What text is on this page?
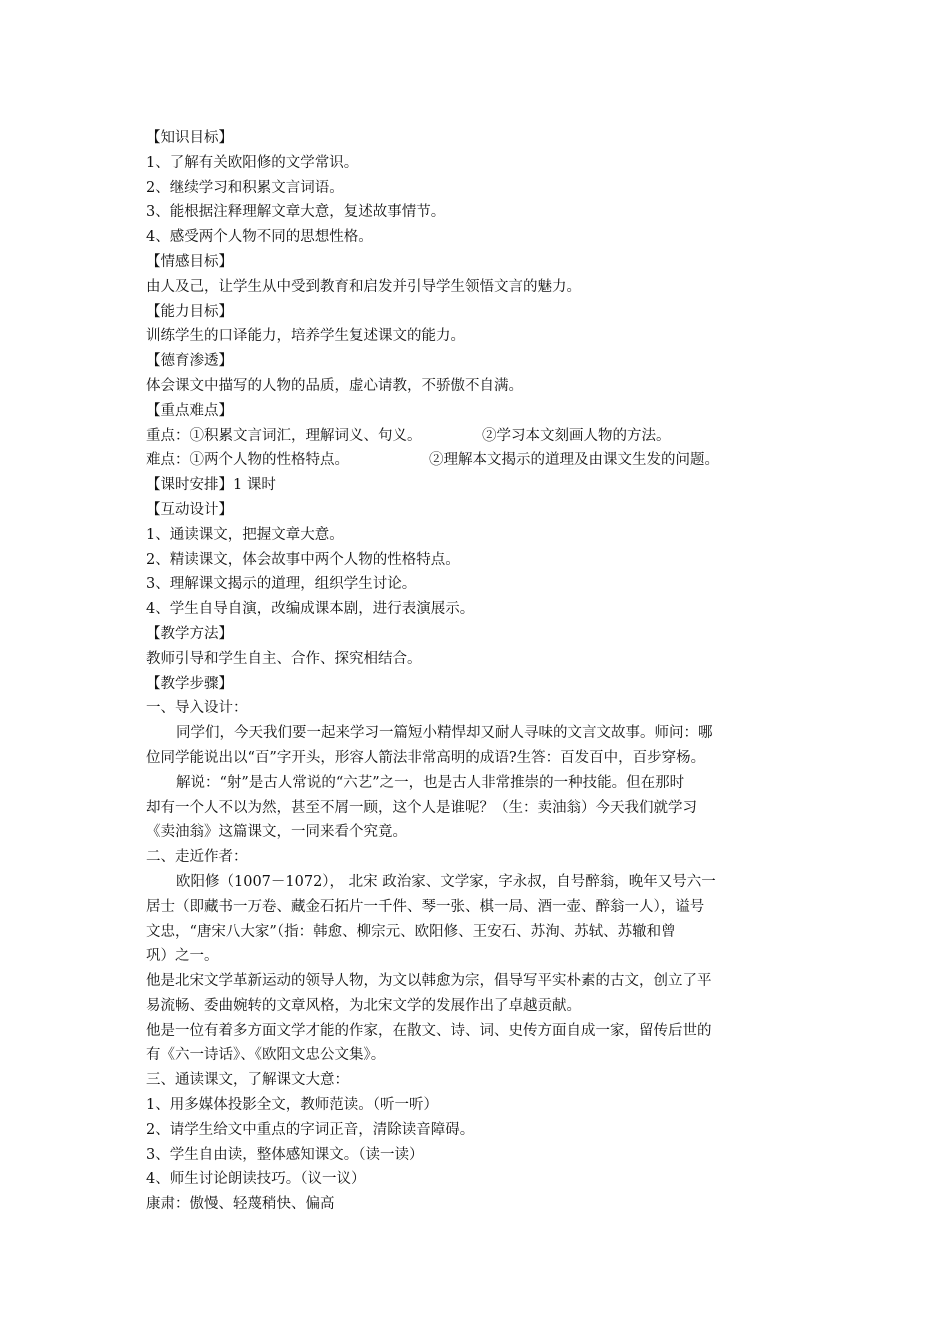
【知识目标】
1、了解有关欧阳修的文学常识。
2、继续学习和积累文言词语。
3、能根据注释理解文章大意，复述故事情节。
4、感受两个人物不同的思想性格。
【情感目标】
由人及己，让学生从中受到教育和启发并引导学生领悟文言的魅力。
【能力目标】
训练学生的口译能力，培养学生复述课文的能力。
【德育渗透】
体会课文中描写的人物的品质，虚心请教，不骄傲不自满。
【重点难点】
重点：①积累文言词汇，理解词义、句义。	②学习本文刻画人物的方法。
难点：①两个人物的性格特点。	②理解本文揭示的道理及由课文生发的问题。
【课时安排】1 课时
【互动设计】
1、通读课文，把握文章大意。
2、精读课文，体会故事中两个人物的性格特点。
3、理解课文揭示的道理，组织学生讨论。
4、学生自导自演，改编成课本剧，进行表演展示。
【教学方法】
教师引导和学生自主、合作、探究相结合。
【教学步骤】
一、导入设计：
同学们，今天我们要一起来学习一篇短小精悍却又耐人寻味的文言文故事。师问：哪
位同学能说出以“百”字开头，形容人箭法非常高明的成语?生答：百发百中，百步穿杨。
解说：“射”是古人常说的“六艺”之一，也是古人非常推崇的一种技能。但在那时
却有一个人不以为然，甚至不屑一顾，这个人是谁呢？（生：卖油翁）今天我们就学习
《卖油翁》这篇课文，一同来看个究竟。
二、走近作者：
欧阳修（1007－1072）， 北宋 政治家、文学家，字永叔，自号醉翁，晚年又号六一
居士（即藏书一万卷、藏金石拓片一千件、琴一张、棋一局、酒一壶、醉翁一人），谥号
文忠，“唐宋八大家”（指：韩愈、柳宗元、欧阳修、王安石、苏洵、苏轼、苏辙和曾
巩）之一。
他是北宋文学革新运动的领导人物，为文以韩愈为宗，倡导写平实朴素的古文，创立了平
易流畅、委曲婉转的文章风格，为北宋文学的发展作出了卓越贡献。
他是一位有着多方面文学才能的作家，在散文、诗、词、史传方面自成一家，留传后世的
有《六一诗话》、《欧阳文忠公文集》。
三、通读课文，了解课文大意：
1、用多媒体投影全文，教师范读。（听一听）
2、请学生给文中重点的字词正音，清除读音障碍。
3、学生自由读，整体感知课文。（读一读）
4、师生讨论朗读技巧。（议一议）
康肃：傲慢、轻蔑稍快、偏高
